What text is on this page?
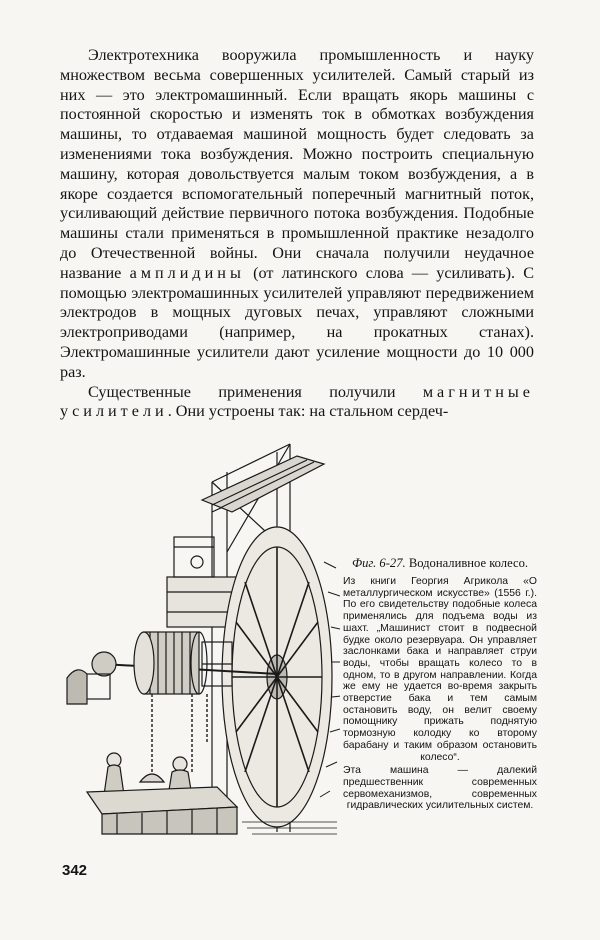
Электротехника вооружила промышленность и науку множеством весьма совершенных усилителей. Самый старый из них — это электромашинный. Если вращать якорь машины с постоянной скоростью и изменять ток в обмотках возбуждения машины, то отдаваемая машиной мощность будет следовать за изменениями тока возбуждения. Можно построить специальную машину, которая довольствуется малым током возбуждения, а в якоре создается вспомогательный поперечный магнитный поток, усиливающий действие первичного потока возбуждения. Подобные машины стали применяться в промышленной практике незадолго до Отечественной войны. Они сначала получили неудачное название амплидины (от латинского слова — усиливать). С помощью электромашинных усилителей управляют передвижением электродов в мощных дуговых печах, управляют сложными электроприводами (например, на прокатных станах). Электромашинные усилители дают усиление мощности до 10 000 раз.

Существенные применения получили магнитные усилители. Они устроены так: на стальном сердеч-

Фиг. 6-27. Водоналивное колесо.

Из книги Георгия Агрикола «О металлургическом искусстве» (1556 г.). По его свидетельству подобные колеса применялись для подъема воды из шахт. „Машинист стоит в подвесной будке около резервуара. Он управляет заслонками бака и направляет струи воды, чтобы вращать колесо то в одном, то в другом направлении. Когда же ему не удается во-время закрыть отверстие бака и тем самым остановить воду, он велит своему помощнику прижать поднятую тормозную колодку ко второму барабану и таким образом остановить колесо“.

Эта машина — далекий предшественник современных сервомеханизмов, современных гидравлических усилительных систем.

342
